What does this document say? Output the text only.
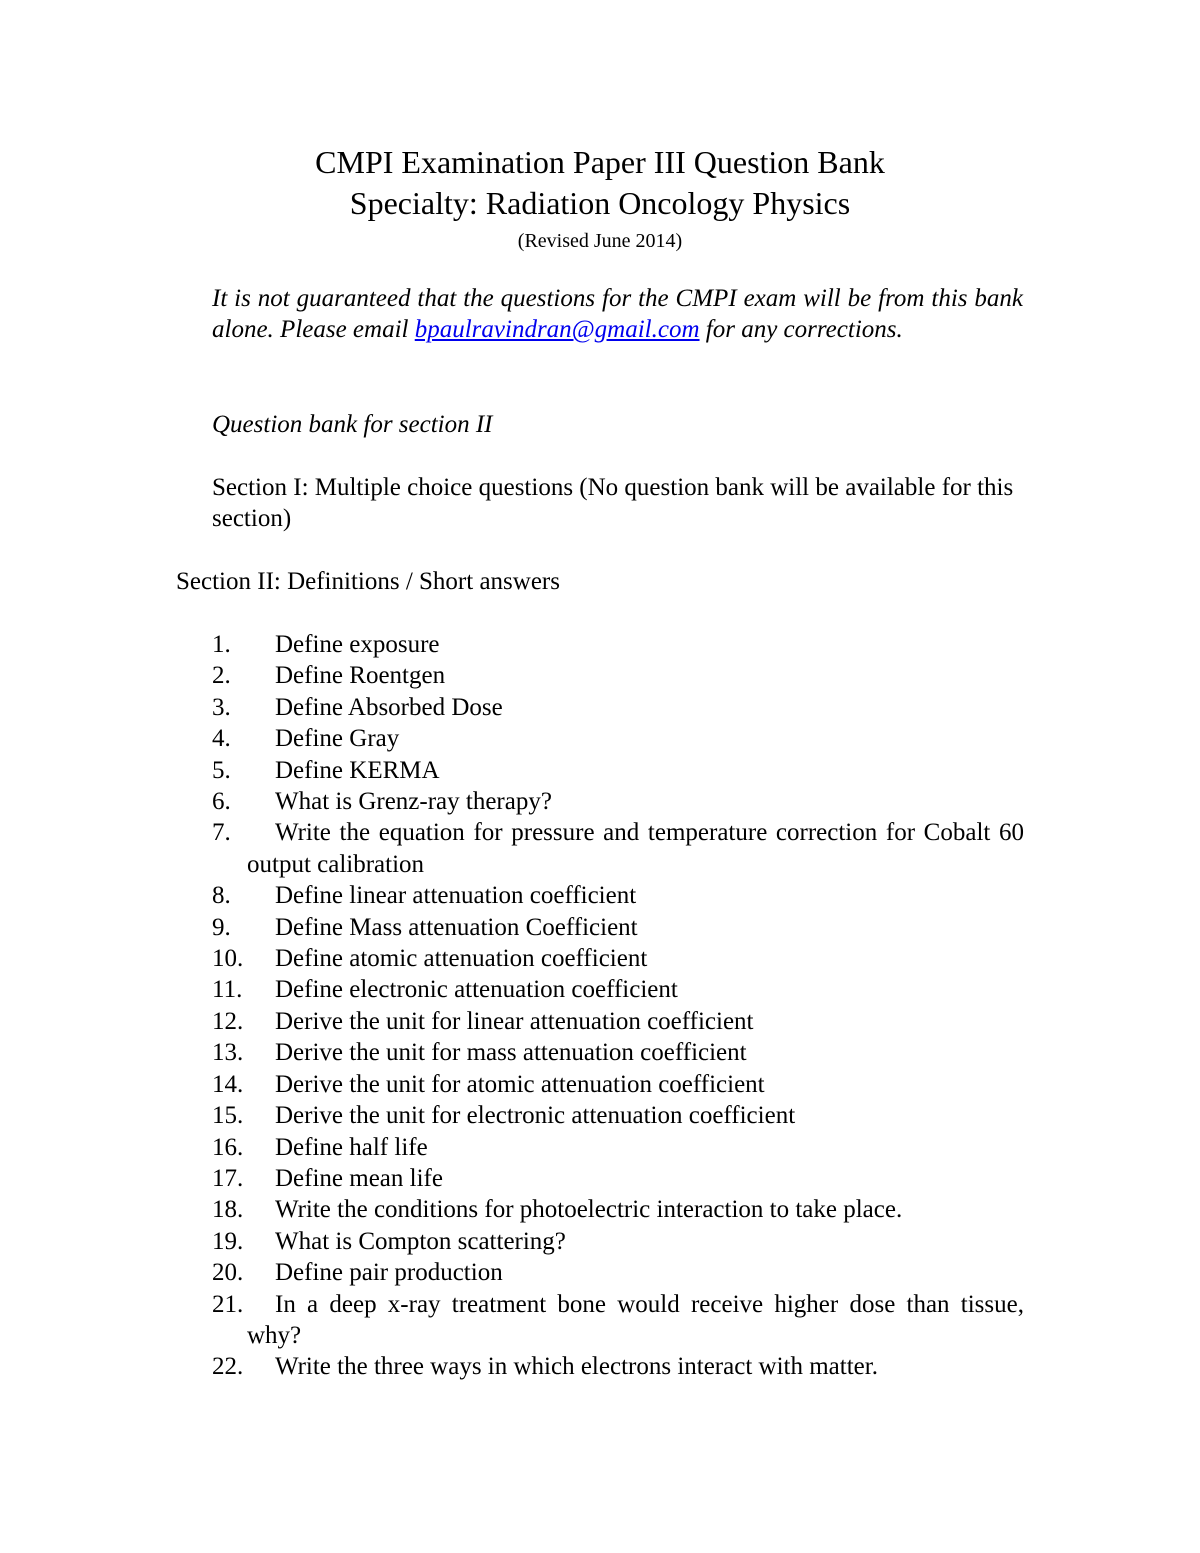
CMPI Examination Paper III Question Bank
Specialty: Radiation Oncology Physics
(Revised June 2014)
It is not guaranteed that the questions for the CMPI exam will be from this bank alone. Please email bpaulravindran@gmail.com for any corrections.
Question bank for section II
Section I: Multiple choice questions (No question bank will be available for this section)
Section II: Definitions / Short answers
1. Define exposure
2. Define Roentgen
3. Define Absorbed Dose
4. Define Gray
5. Define KERMA
6. What is Grenz-ray therapy?
7.	Write the equation for pressure and temperature correction for Cobalt 60 output calibration
8. Define linear attenuation coefficient
9. Define Mass attenuation Coefficient
10. Define atomic attenuation coefficient
11. Define electronic attenuation coefficient
12. Derive the unit for linear attenuation coefficient
13. Derive the unit for mass attenuation coefficient
14. Derive the unit for atomic attenuation coefficient
15. Derive the unit for electronic attenuation coefficient
16. Define half life
17. Define mean life
18. Write the conditions for photoelectric interaction to take place.
19. What is Compton scattering?
20. Define pair production
21.	In a deep x-ray treatment bone would receive higher dose than tissue, why?
22. Write the three ways in which electrons interact with matter.
